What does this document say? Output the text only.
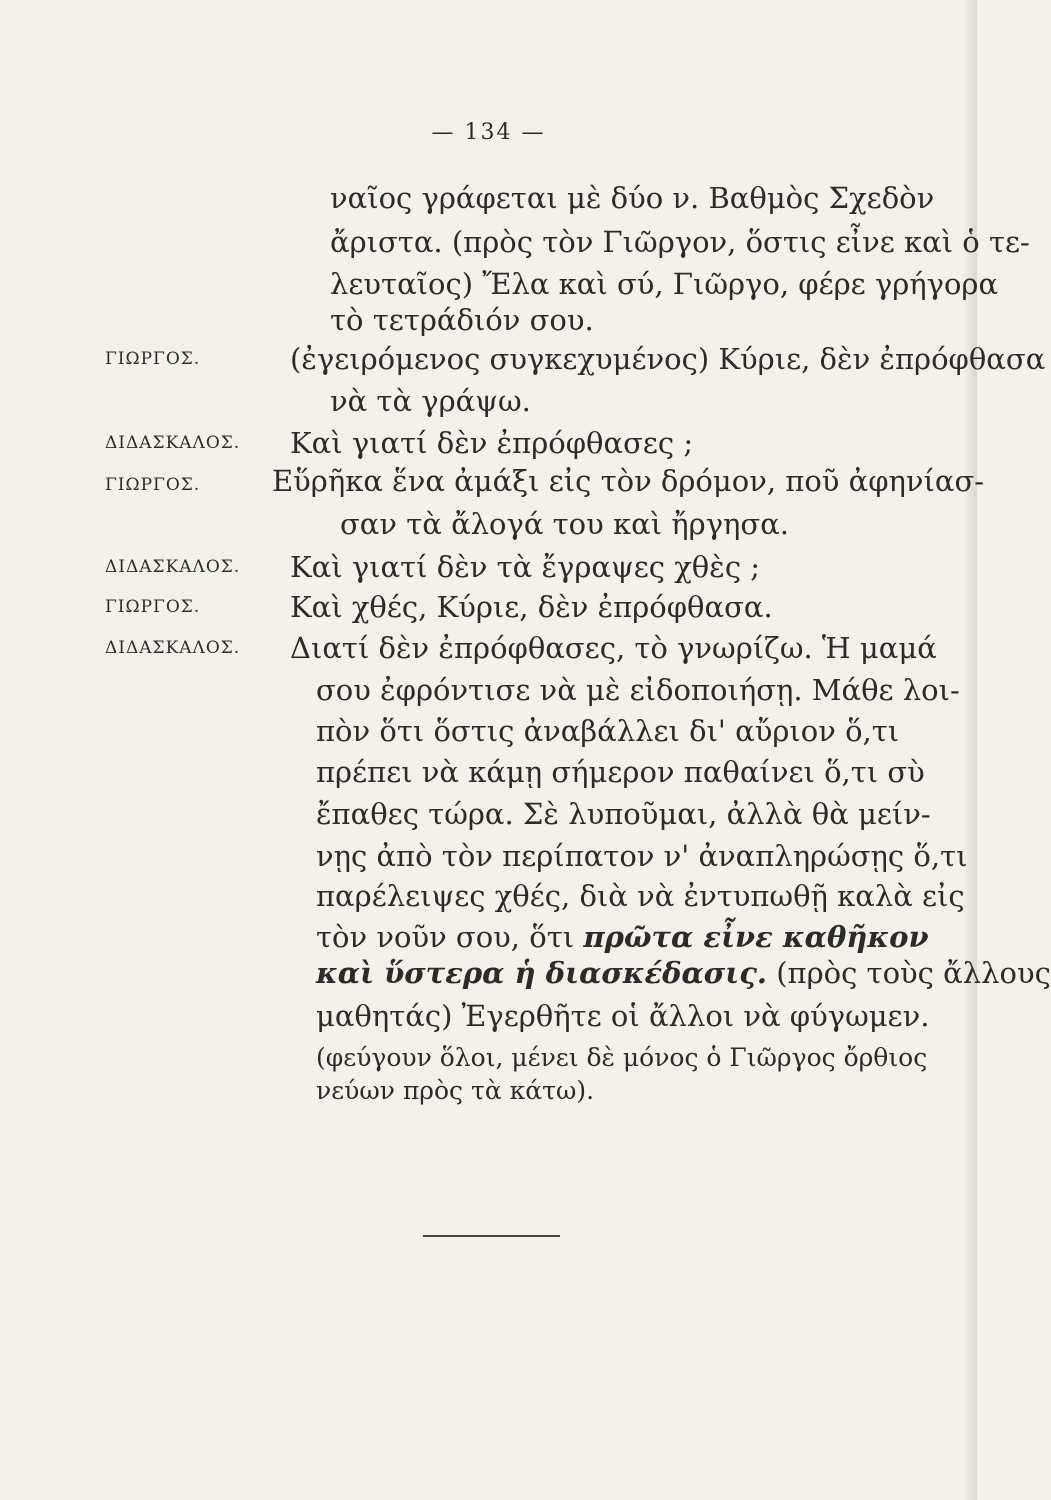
— 134 —
ναῖος γράφεται μὲ δύο ν. Βαθμὸς Σχεδὸν
ἄριστα. (πρὸς τὸν Γιῶργον, ὅστις εἶνε καὶ ὁ τε-
λευταῖος) Ἔλα καὶ σύ, Γιῶργο, φέρε γρήγορα
τὸ τετράδιόν σου.
ΓΙΩΡΓΟΣ.	(ἐγειρόμενος συγκεχυμένος) Κύριε, δὲν ἐπρόφθασα
νὰ τὰ γράψω.
ΔΙΔΑΣΚΑΛΟΣ. Καὶ γιατί δὲν ἐπρόφθασες ;
ΓΙΩΡΓΟΣ. Εὕρῆκα ἕνα ἀμάξι εἰς τὸν δρόμον, ποῦ ἀφηνίασ-
σαν τὰ ἄλογά του καὶ ἤργησα.
ΔΙΔΑΣΚΑΛΟΣ. Καὶ γιατί δὲν τὰ ἔγραψες χθὲς ;
ΓΙΩΡΓΟΣ.	Καὶ χθές, Κύριε, δὲν ἐπρόφθασα.
ΔΙΔΑΣΚΑΛΟΣ. Διατί δὲν ἐπρόφθασες, τὸ γνωρίζω. Ἡ μαμά
σου ἐφρόντισε νὰ μὲ εἰδοποιήσῃ. Μάθε λοι-
πὸν ὅτι ὅστις ἀναβάλλει δι' αὔριον ὅ,τι
πρέπει νὰ κάμῃ σήμερον παθαίνει ὅ,τι σὺ
ἔπαθες τώρα. Σὲ λυποῦμαι, ἀλλὰ θὰ μείν-
νῃς ἀπὸ τὸν περίπατον ν' ἀναπληρώσῃς ὅ,τι
παρέλειψες χθές, διὰ νὰ ἐντυπωθῇ καλὰ εἰς
τὸν νοῦν σου, ὅτι πρῶτα εἶνε καθῆκον
καὶ ὕστερα ἡ διασκέδασις. (πρὸς τοὺς ἄλλους
μαθητάς) Ἐγερθῆτε οἱ ἄλλοι νὰ φύγωμεν.
(φεύγουν ὅλοι, μένει δὲ μόνος ὁ Γιῶργος ὄρθιος
νεύων πρὸς τὰ κάτω).
